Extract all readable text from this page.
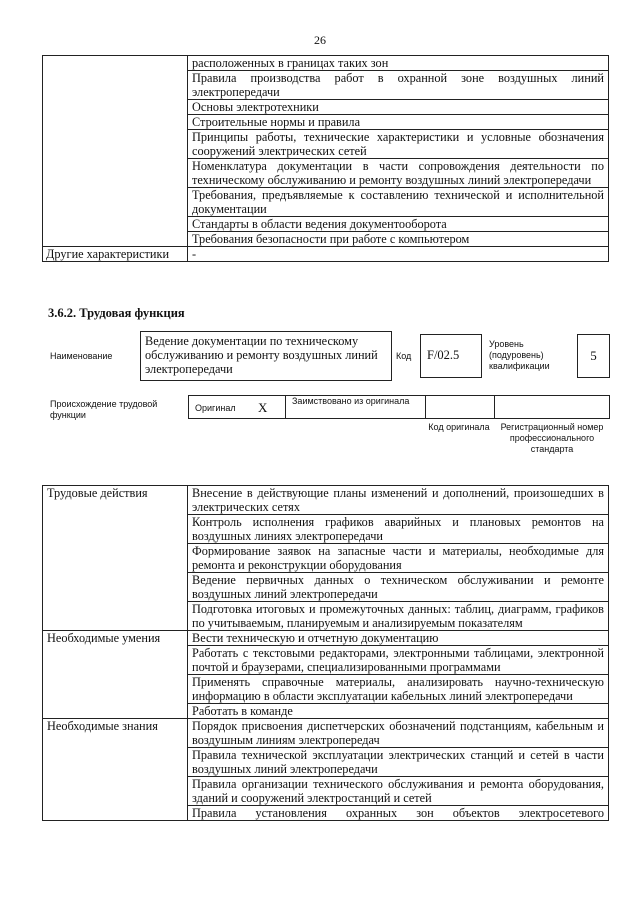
26
	расположенных в границах таких зон
	Правила производства работ в охранной зоне воздушных линий электропередачи
	Основы электротехники
	Строительные нормы и правила
	Принципы работы, технические характеристики и условные обозначения сооружений электрических сетей
	Номенклатура документации в части сопровождения деятельности по техническому обслуживанию и ремонту воздушных линий электропередачи
	Требования, предъявляемые к составлению технической и исполнительной документации
	Стандарты в области ведения документооборота
	Требования безопасности при работе с компьютером
Другие характеристики	-
3.6.2. Трудовая функция
Наименование
Ведение документации по техническому обслуживанию и ремонту воздушных линий электропередачи
Код	F/02.5
Уровень (подуровень) квалификации
5
Происхождение трудовой функции
Оригинал X	Заимствовано из оригинала
Код оригинала	Регистрационный номер профессионального стандарта
Трудовые действия	Внесение в действующие планы изменений и дополнений, произошедших в электрических сетях
	Контроль исполнения графиков аварийных и плановых ремонтов на воздушных линиях электропередачи
	Формирование заявок на запасные части и материалы, необходимые для ремонта и реконструкции оборудования
	Ведение первичных данных о техническом обслуживании и ремонте воздушных линий электропередачи
	Подготовка итоговых и промежуточных данных: таблиц, диаграмм, графиков по учитываемым, планируемым и анализируемым показателям
Необходимые умения	Вести техническую и отчетную документацию
	Работать с текстовыми редакторами, электронными таблицами, электронной почтой и браузерами, специализированными программами
	Применять справочные материалы, анализировать научно-техническую информацию в области эксплуатации кабельных линий электропередачи
	Работать в команде
Необходимые знания	Порядок присвоения диспетчерских обозначений подстанциям, кабельным и воздушным линиям электропередач
	Правила технической эксплуатации электрических станций и сетей в части воздушных линий электропередачи
	Правила организации технического обслуживания и ремонта оборудования, зданий и сооружений электростанций и сетей
	Правила установления охранных зон объектов электросетевого
